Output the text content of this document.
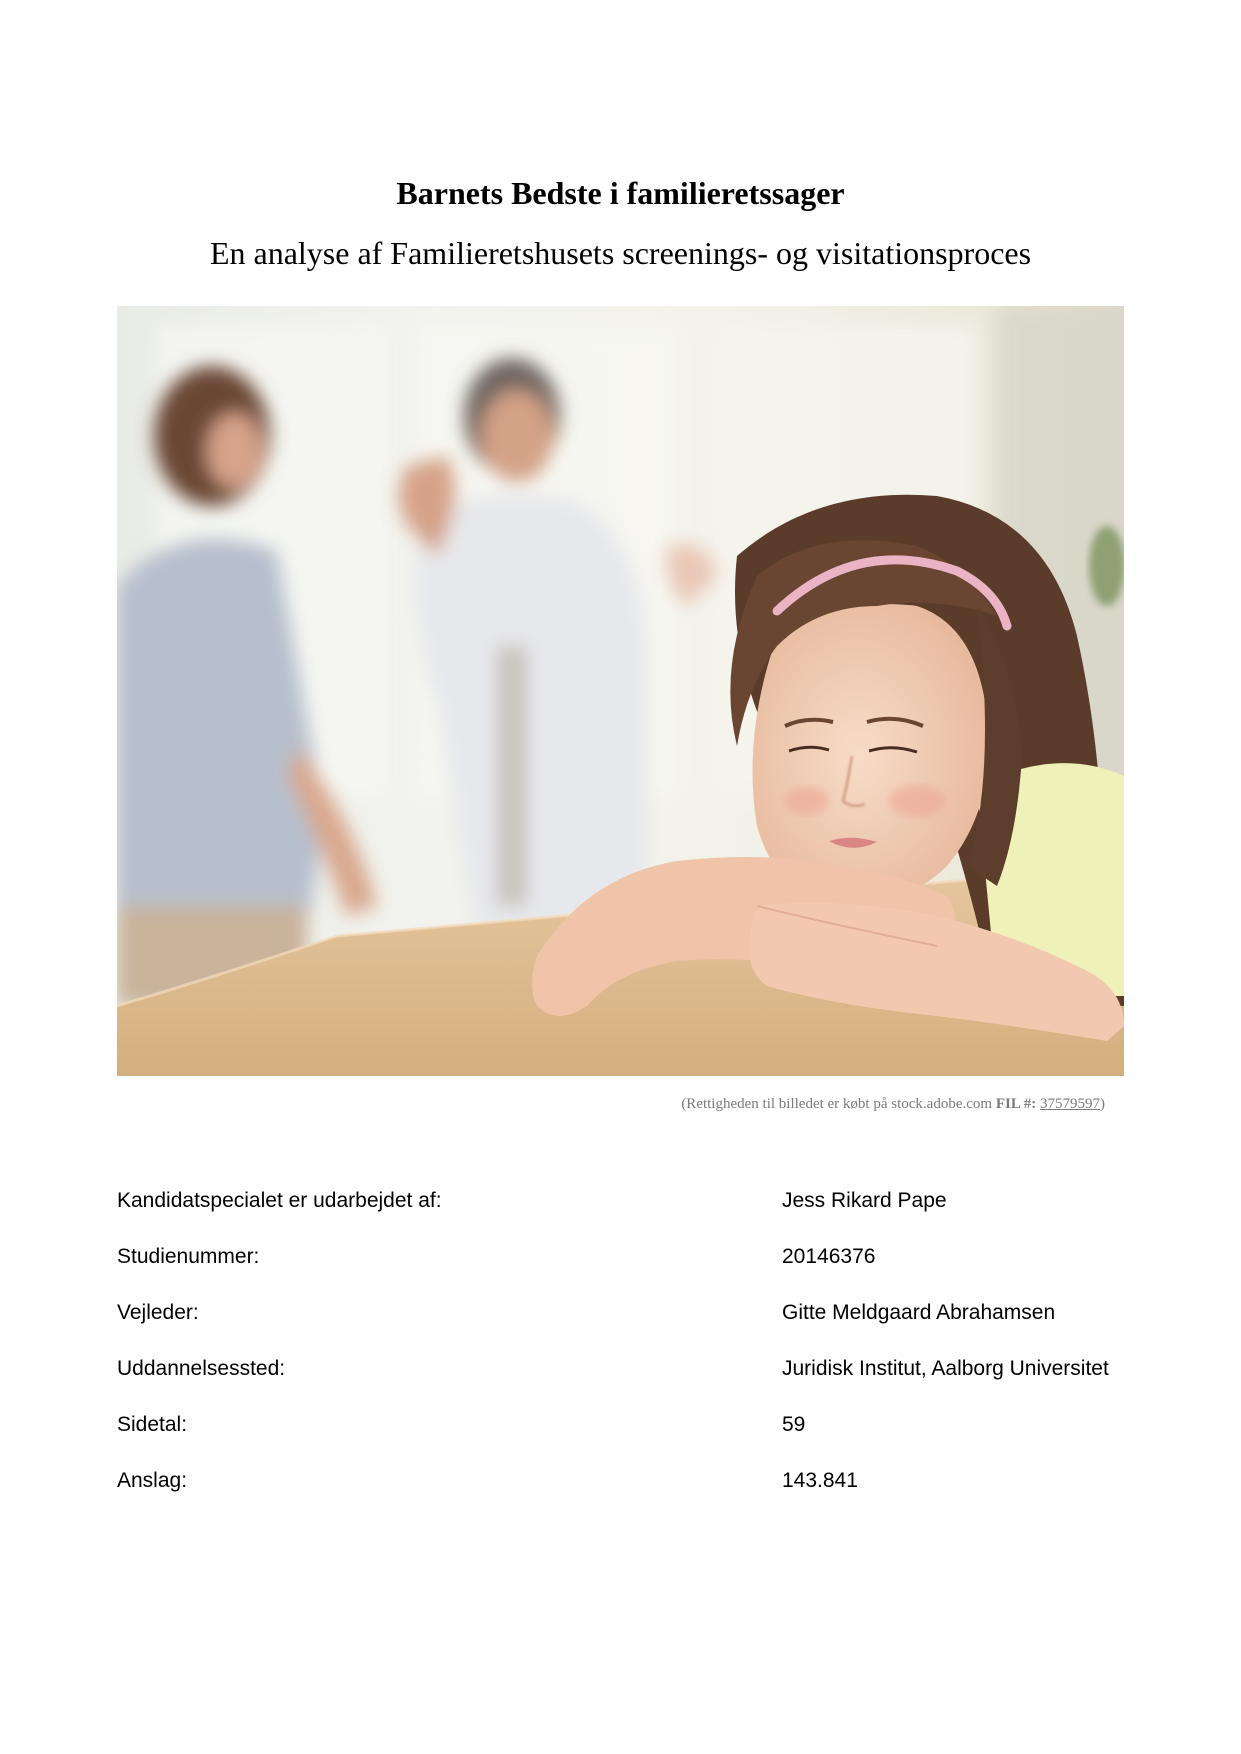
Barnets Bedste i familieretssager
En analyse af Familieretshusets screenings- og visitationsproces
(Rettigheden til billedet er købt på stock.adobe.com FIL #: 37579597)
Kandidatspecialet er udarbejdet af:	Jess Rikard Pape
Studienummer:	20146376
Vejleder:	Gitte Meldgaard Abrahamsen
Uddannelsessted:	Juridisk Institut, Aalborg Universitet
Sidetal:	59
Anslag:	143.841
